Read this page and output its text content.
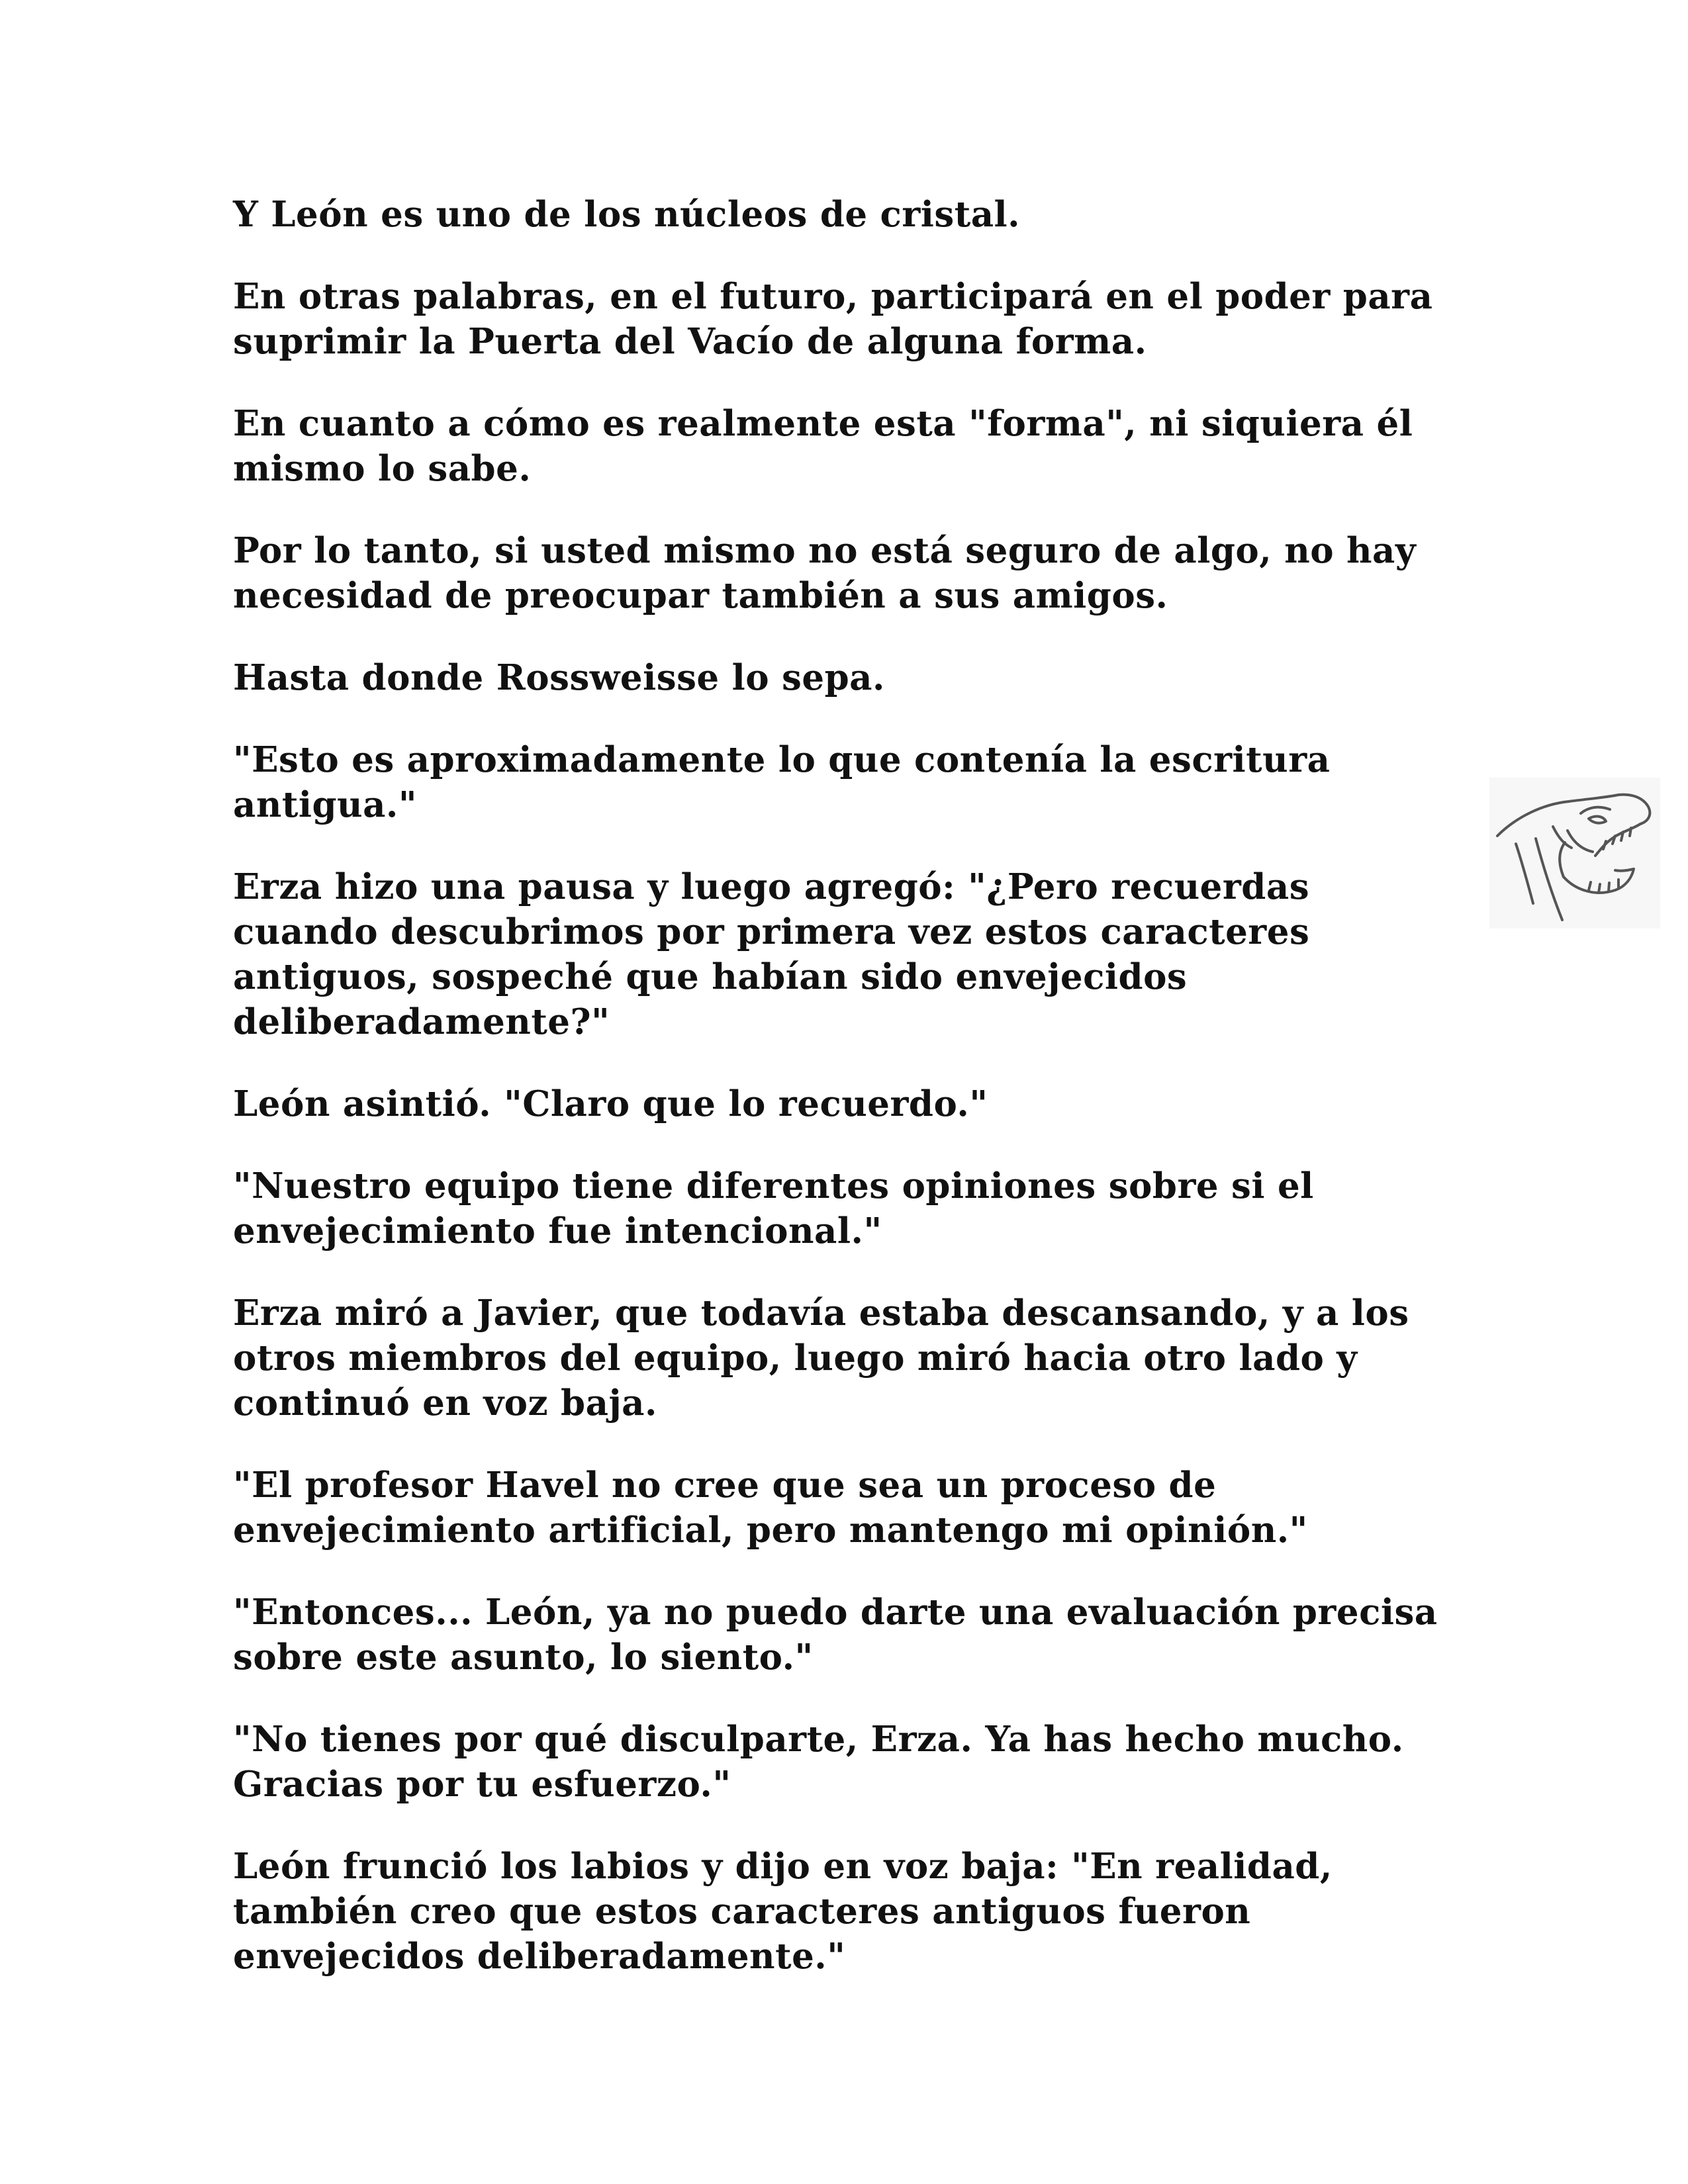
Y León es uno de los núcleos de cristal.

En otras palabras, en el futuro, participará en el poder para suprimir la Puerta del Vacío de alguna forma.

En cuanto a cómo es realmente esta "forma", ni siquiera él mismo lo sabe.

Por lo tanto, si usted mismo no está seguro de algo, no hay necesidad de preocupar también a sus amigos.

Hasta donde Rossweisse lo sepa.

"Esto es aproximadamente lo que contenía la escritura antigua."

Erza hizo una pausa y luego agregó: "¿Pero recuerdas cuando descubrimos por primera vez estos caracteres antiguos, sospeché que habían sido envejecidos deliberadamente?"

León asintió. "Claro que lo recuerdo."

"Nuestro equipo tiene diferentes opiniones sobre si el envejecimiento fue intencional."

Erza miró a Javier, que todavía estaba descansando, y a los otros miembros del equipo, luego miró hacia otro lado y continuó en voz baja.

"El profesor Havel no cree que sea un proceso de envejecimiento artificial, pero mantengo mi opinión."

"Entonces... León, ya no puedo darte una evaluación precisa sobre este asunto, lo siento."

"No tienes por qué disculparte, Erza. Ya has hecho mucho. Gracias por tu esfuerzo."

León frunció los labios y dijo en voz baja: "En realidad, también creo que estos caracteres antiguos fueron envejecidos deliberadamente."
